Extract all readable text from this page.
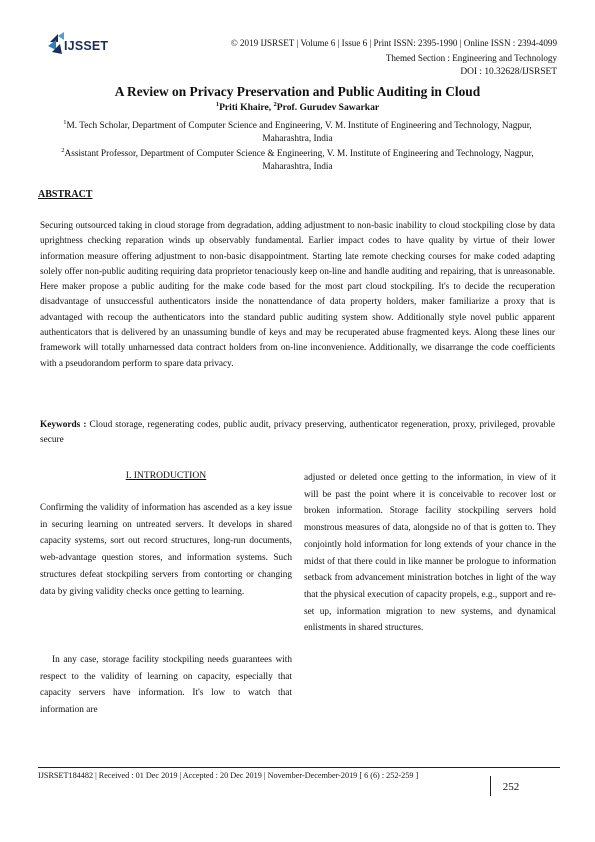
IJSSET	© 2019 IJSRSET | Volume 6 | Issue 6 | Print ISSN: 2395-1990 | Online ISSN : 2394-4099
Themed Section : Engineering and Technology
DOI : 10.32628/IJSRSET
A Review on Privacy Preservation and Public Auditing in Cloud
$^1$Priti Khaire, $^2$Prof. Gurudev Sawarkar
$^1$M. Tech Scholar, Department of Computer Science and Engineering, V. M. Institute of Engineering and Technology, Nagpur, Maharashtra, India
$^2$Assistant Professor, Department of Computer Science & Engineering, V. M. Institute of Engineering and Technology, Nagpur, Maharashtra, India
ABSTRACT
Securing outsourced taking in cloud storage from degradation, adding adjustment to non-basic inability to cloud stockpiling close by data uprightness checking reparation winds up observably fundamental. Earlier impact codes to have quality by virtue of their lower information measure offering adjustment to non-basic disappointment. Starting late remote checking courses for make coded adapting solely offer non-public auditing requiring data proprietor tenaciously keep on-line and handle auditing and repairing, that is unreasonable. Here maker propose a public auditing for the make code based for the most part cloud stockpiling. It's to decide the recuperation disadvantage of unsuccessful authenticators inside the nonattendance of data property holders, maker familiarize a proxy that is advantaged with recoup the authenticators into the standard public auditing system show. Additionally style novel public apparent authenticators that is delivered by an unassuming bundle of keys and may be recuperated abuse fragmented keys. Along these lines our framework will totally unharnessed data contract holders from on-line inconvenience. Additionally, we disarrange the code coefficients with a pseudorandom perform to spare data privacy.
Keywords : Cloud storage, regenerating codes, public audit, privacy preserving, authenticator regeneration, proxy, privileged, provable secure
I. INTRODUCTION
Confirming the validity of information has ascended as a key issue in securing learning on untreated servers. It develops in shared capacity systems, sort out record structures, long-run documents, web-advantage question stores, and information systems. Such structures defeat stockpiling servers from contorting or changing data by giving validity checks once getting to learning.
In any case, storage facility stockpiling needs guarantees with respect to the validity of learning on capacity, especially that capacity servers have information. It's low to watch that information are
adjusted or deleted once getting to the information, in view of it will be past the point where it is conceivable to recover lost or broken information. Storage facility stockpiling servers hold monstrous measures of data, alongside no of that is gotten to. They conjointly hold information for long extends of your chance in the midst of that there could in like manner be prologue to information setback from advancement ministration botches in light of the way that the physical execution of capacity propels, e.g., support and re-set up, information migration to new systems, and dynamical enlistments in shared structures.
IJSRSET184482 | Received : 01 Dec 2019 | Accepted : 20 Dec 2019 | November-December-2019 [ 6 (6) : 252-259 ]
252
